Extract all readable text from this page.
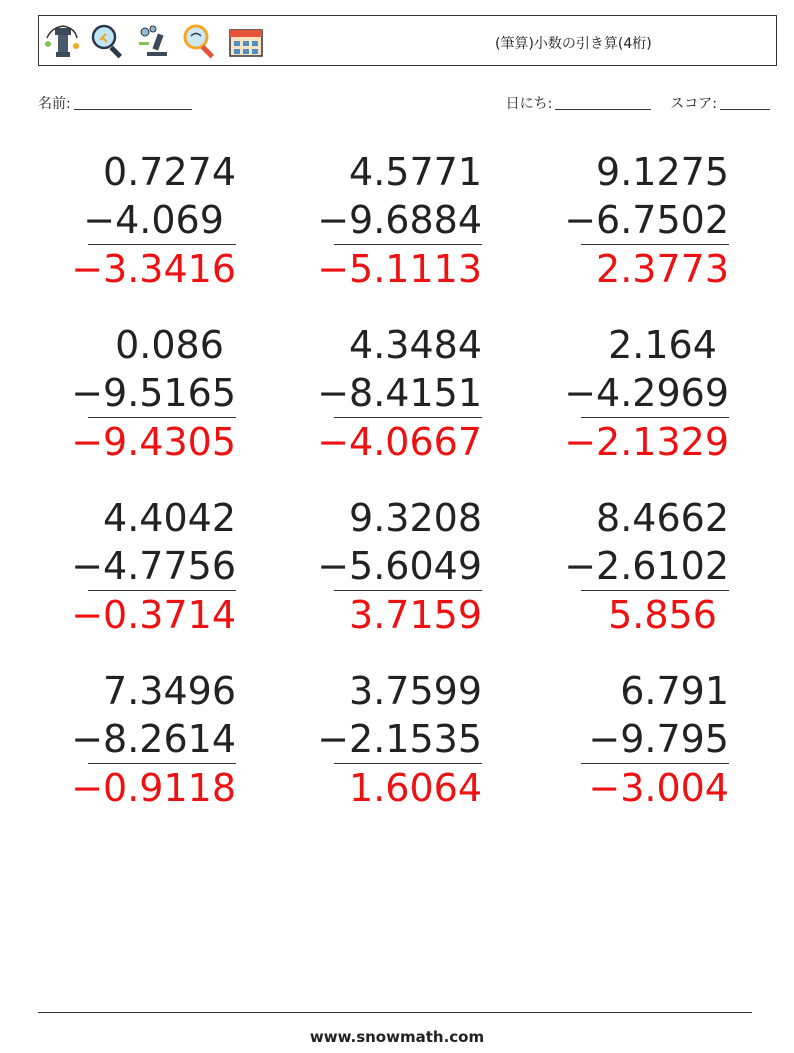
(筆算)小数の引き算(4桁)
名前:	日にち:	スコア:
0.7274
−4.069
−3.3416
4.5771
−9.6884
−5.1113
9.1275
−6.7502
2.3773
0.086
−9.5165
−9.4305
4.3484
−8.4151
−4.0667
2.164
−4.2969
−2.1329
4.4042
−4.7756
−0.3714
9.3208
−5.6049
3.7159
8.4662
−2.6102
5.856
7.3496
−8.2614
−0.9118
3.7599
−2.1535
1.6064
6.791
−9.795
−3.004
www.snowmath.com
